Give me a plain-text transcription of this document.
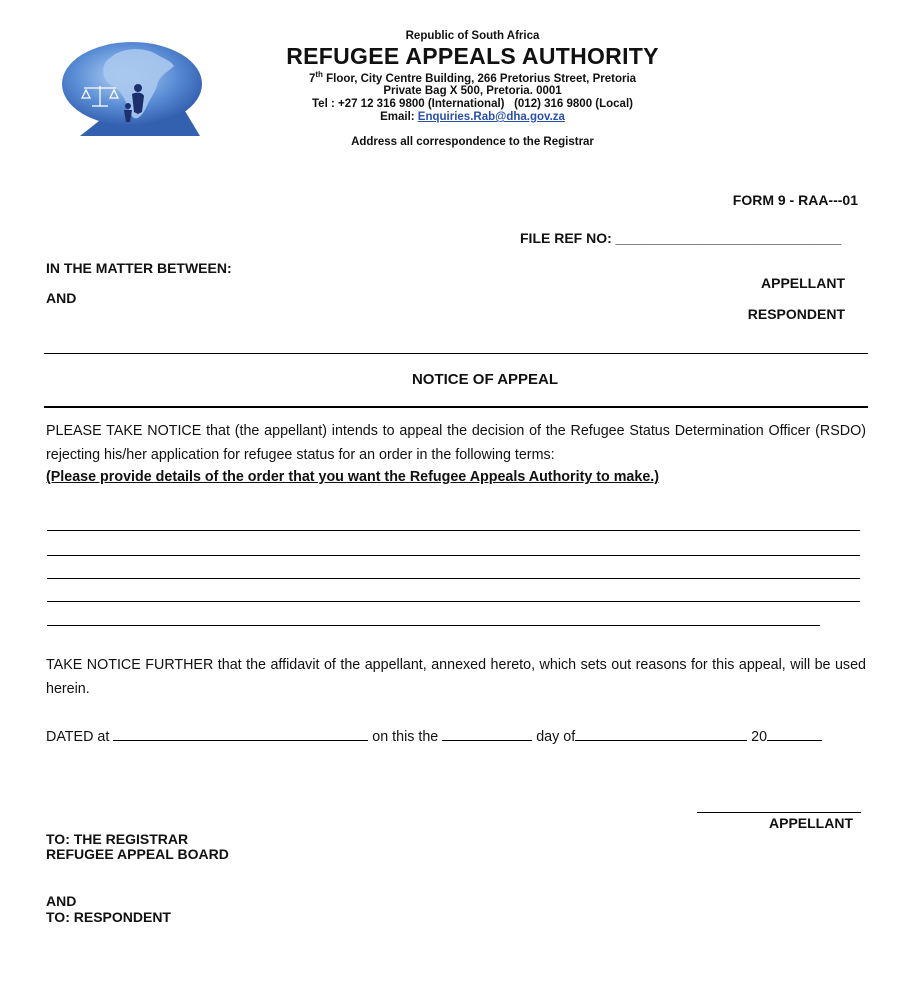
Republic of South Africa
REFUGEE APPEALS AUTHORITY
7th Floor, City Centre Building, 266 Pretorius Street, Pretoria
Private Bag X 500, Pretoria. 0001
Tel : +27 12 316 9800 (International)   (012) 316 9800 (Local)
Email: Enquiries.Rab@dha.gov.za
Address all correspondence to the Registrar
FORM 9 - RAA---01
FILE REF NO: _____________________________
IN THE MATTER BETWEEN:
APPELLANT
AND
RESPONDENT
NOTICE OF APPEAL
PLEASE TAKE NOTICE that (the appellant) intends to appeal the decision of the Refugee Status Determination Officer (RSDO) rejecting his/her application for refugee status for an order in the following terms:
(Please provide details of the order that you want the Refugee Appeals Authority to make.)
TAKE NOTICE FURTHER that the affidavit of the appellant, annexed hereto, which sets out reasons for this appeal, will be used herein.
DATED at	on this the	day of	20
APPELLANT
TO: THE REGISTRAR
REFUGEE APPEAL BOARD
AND
TO: RESPONDENT
